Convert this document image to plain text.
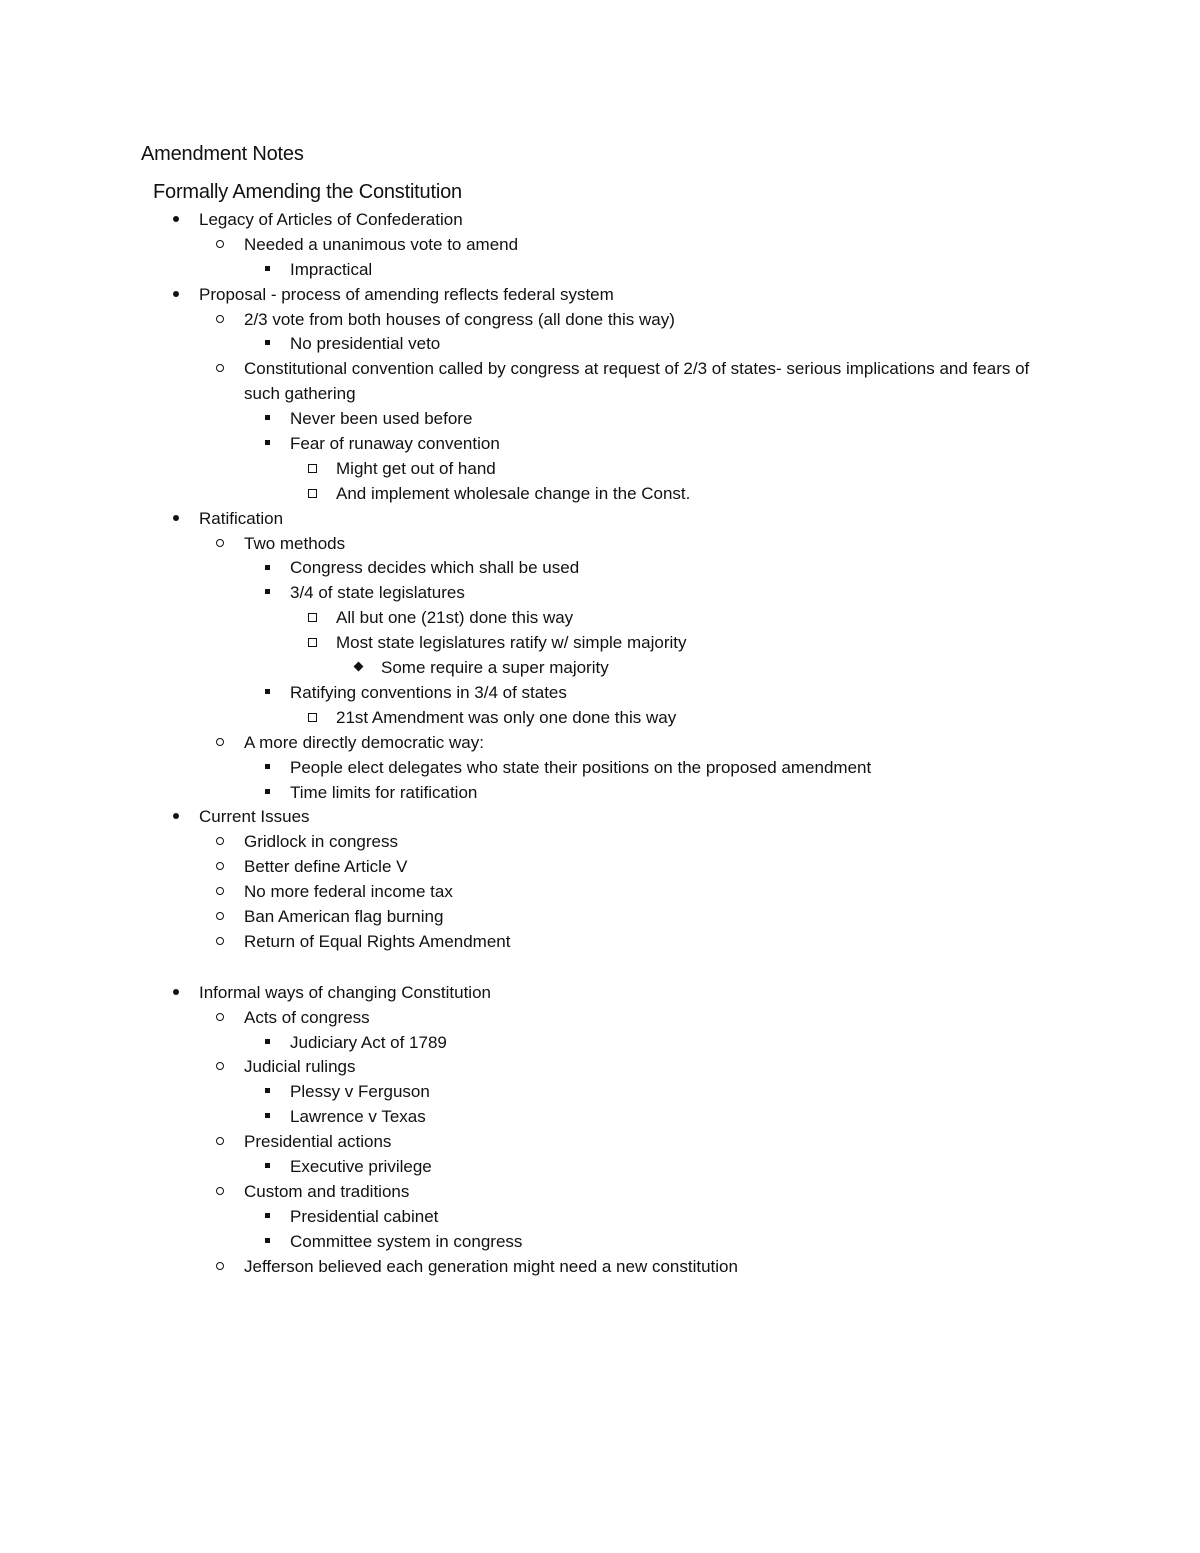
Amendment Notes
Formally Amending the Constitution
Legacy of Articles of Confederation
Needed a unanimous vote to amend
Impractical
Proposal - process of amending reflects federal system
2/3 vote from both houses of congress (all done this way)
No presidential veto
Constitutional convention called by congress at request of 2/3 of states- serious implications and fears of such gathering
Never been used before
Fear of runaway convention
Might get out of hand
And implement wholesale change in the Const.
Ratification
Two methods
Congress decides which shall be used
3/4 of state legislatures
All but one (21st) done this way
Most state legislatures ratify w/ simple majority
Some require a super majority
Ratifying conventions in 3/4 of states
21st Amendment was only one done this way
A more directly democratic way:
People elect delegates who state their positions on the proposed amendment
Time limits for ratification
Current Issues
Gridlock in congress
Better define Article V
No more federal income tax
Ban American flag burning
Return of Equal Rights Amendment
Informal ways of changing Constitution
Acts of congress
Judiciary Act of 1789
Judicial rulings
Plessy v Ferguson
Lawrence v Texas
Presidential actions
Executive privilege
Custom and traditions
Presidential cabinet
Committee system in congress
Jefferson believed each generation might need a new constitution
